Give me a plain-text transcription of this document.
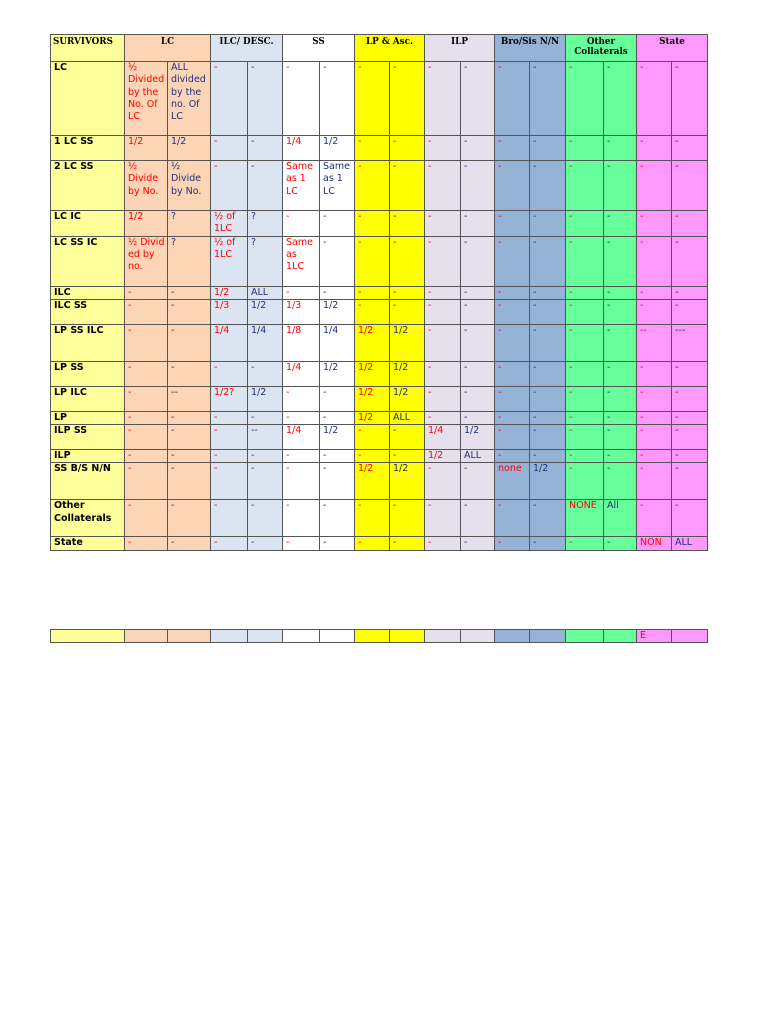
SURVIVORS	LC		ILC/ DESC.		SS		LP & Asc.		ILP		Bro/Sis N/N		Other Collaterals		State	
LC	½ Divided by the No. Of LC	ALL divided by the no. Of LC	-	-	-	-	-	-	-	-	-	-	-	-	-	-
1 LC SS	1/2	1/2	-	-	1/4	1/2	-	-	-	-	-	-	-	-	-	-
2 LC SS	½ Divide by No.	½ Divide by No.	-	-	Same as 1 LC	Same as 1 LC	-	-	-	-	-	-	-	-	-	-
LC IC	1/2	?	½ of 1LC	?	-	-	-	-	-	-	-	-	-	-	-	-
LC SS IC	½ Divid ed by no.	?	½ of 1LC	?	Same as 1LC	-	-	-	-	-	-	-	-	-	-	-
ILC	-	-	1/2	ALL	-	-	-	-	-	-	-	-	-	-	-	-
ILC SS	-	-	1/3	1/2	1/3	1/2	-	-	-	-	-	-	-	-	-	-
LP SS ILC	-	-	1/4	1/4	1/8	1/4	1/2	1/2	-	-	-	-	-	-	--	---
LP SS	-	-	-	-	1/4	1/2	1/2	1/2	-	-	-	-	-	-	-	-
LP ILC	-	--	1/2?	1/2	-	-	1/2	1/2	-	-	-	-	-	-	-	-
LP	-	-	-	-	-	-	1/2	ALL	-	-	-	-	-	-	-	-
ILP SS	-	-	-	--	1/4	1/2	-	-	1/4	1/2	-	-	-	-	-	-
ILP	-	-	-	-	-	-	-	-	1/2	ALL	-	-	-	-	-	-
SS B/S N/N	-	-	-	-	-	-	1/2	1/2	-	-	none	1/2	-	-	-	-
Other Collaterals	-	-	-	-	-	-	-	-	-	-	-	-	NONE	All	-	-
State	-	-	-	-	-	-	-	-	-	-	-	-	-	-	NON	ALL
															E	
